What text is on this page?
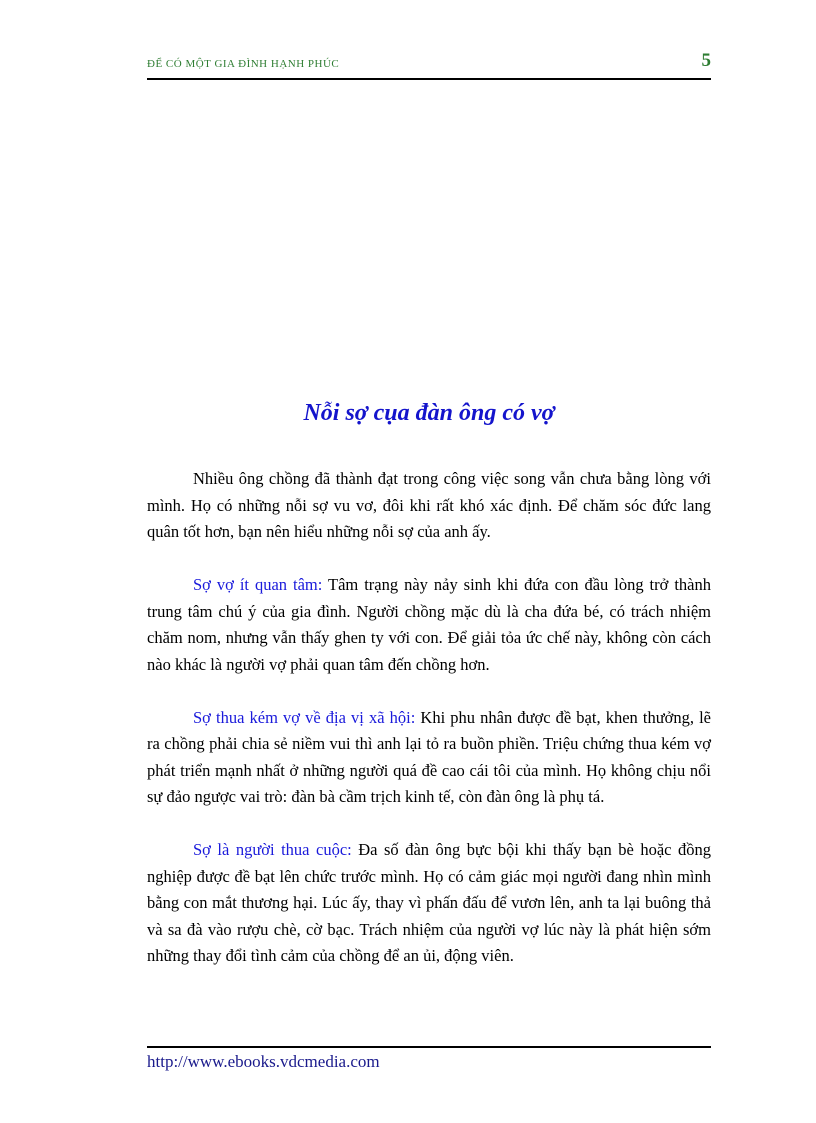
ĐỂ CÓ MỘT GIA ĐÌNH HẠNH PHÚC	5
Nỗi sợ cụa đàn ông có vợ

Nhiều ông chồng đã thành đạt trong công việc song vẫn chưa bằng lòng với mình. Họ có những nỗi sợ vu vơ, đôi khi rất khó xác định. Để chăm sóc đức lang quân tốt hơn, bạn nên hiểu những nỗi sợ của anh ấy.

Sợ vợ ít quan tâm: Tâm trạng này nảy sinh khi đứa con đầu lòng trở thành trung tâm chú ý của gia đình. Người chồng mặc dù là cha đứa bé, có trách nhiệm chăm nom, nhưng vẫn thấy ghen ty với con. Để giải tỏa ức chế này, không còn cách nào khác là người vợ phải quan tâm đến chồng hơn.

Sợ thua kém vợ về địa vị xã hội: Khi phu nhân được đề bạt, khen thưởng, lẽ ra chồng phải chia sẻ niềm vui thì anh lại tỏ ra buồn phiền. Triệu chứng thua kém vợ phát triển mạnh nhất ở những người quá đề cao cái tôi của mình. Họ không chịu nổi sự đảo ngược vai trò: đàn bà cầm trịch kinh tế, còn đàn ông là phụ tá.

Sợ là người thua cuộc: Đa số đàn ông bực bội khi thấy bạn bè hoặc đồng nghiệp được đề bạt lên chức trước mình. Họ có cảm giác mọi người đang nhìn mình bằng con mắt thương hại. Lúc ấy, thay vì phấn đấu để vươn lên, anh ta lại buông thả và sa đà vào rượu chè, cờ bạc. Trách nhiệm của người vợ lúc này là phát hiện sớm những thay đổi tình cảm của chồng để an ủi, động viên.

http://www.ebooks.vdcmedia.com
